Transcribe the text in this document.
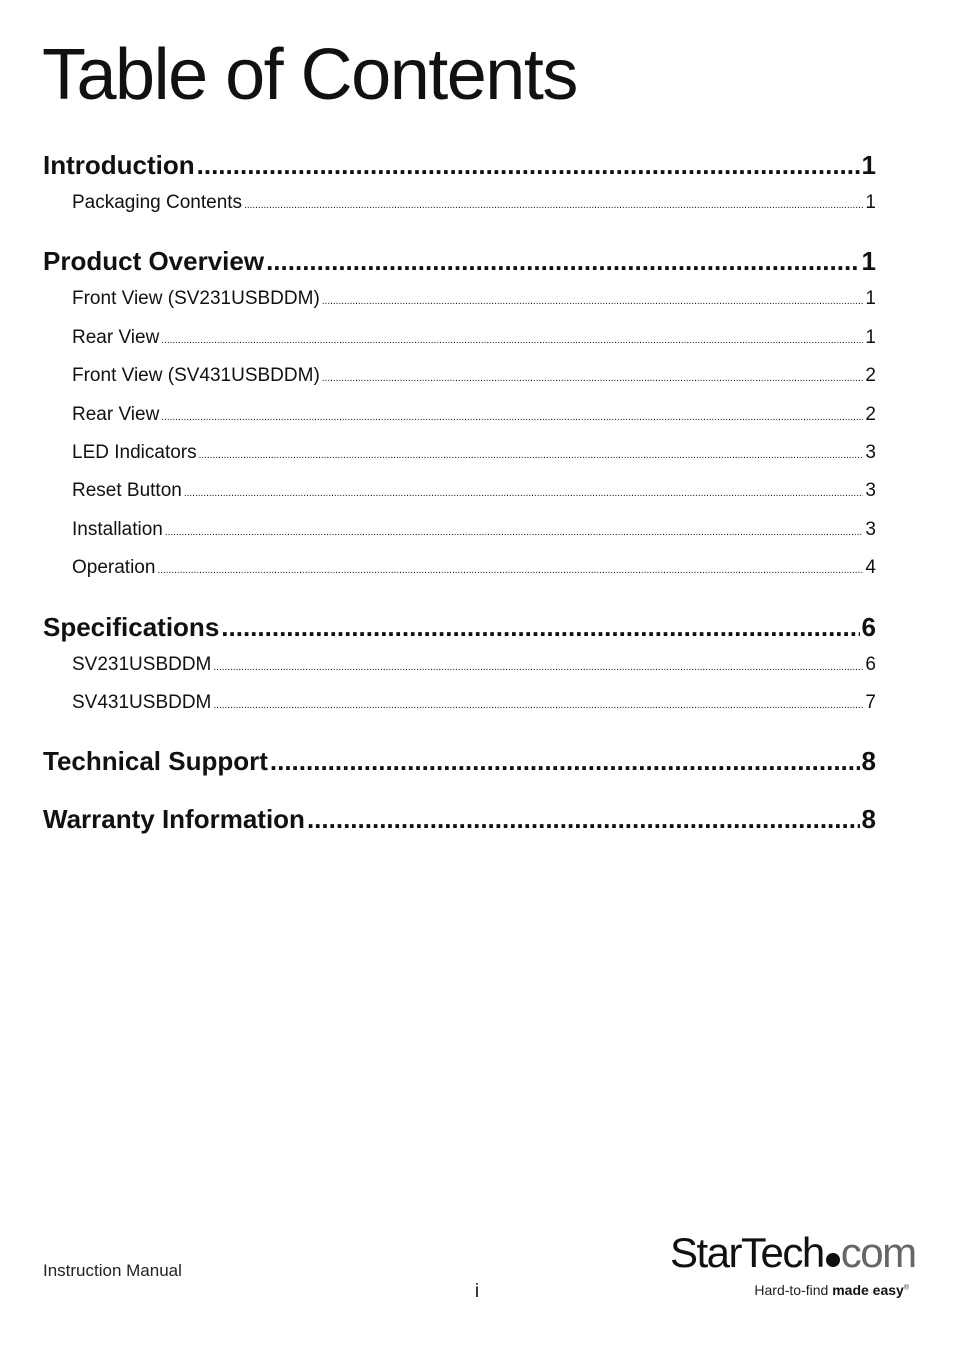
Table of Contents
Introduction .....	1
Packaging Contents .....	1
Product Overview .....	1
Front View (SV231USBDDM) .....	1
Rear View .....	1
Front View (SV431USBDDM) .....	2
Rear View .....	2
LED Indicators .....	3
Reset Button .....	3
Installation .....	3
Operation .....	4
Specifications .....	6
SV231USBDDM .....	6
SV431USBDDM .....	7
Technical Support .....	8
Warranty Information .....	8
Instruction Manual
i
StarTech com
Hard-to-find made easy®
